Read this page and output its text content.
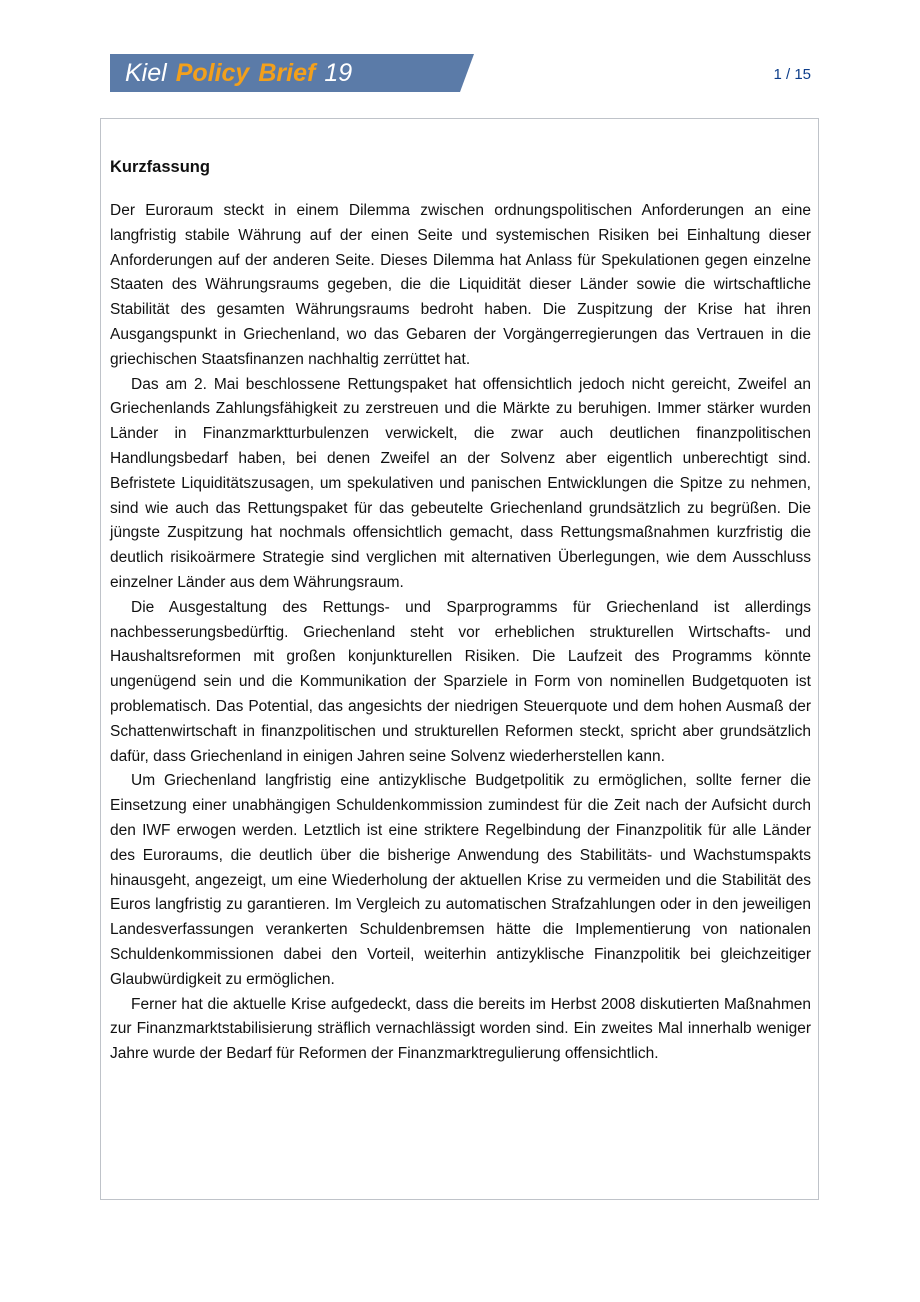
Kiel Policy Brief 19	1 / 15
Kurzfassung

Der Euroraum steckt in einem Dilemma zwischen ordnungspolitischen Anforderungen an eine langfristig stabile Währung auf der einen Seite und systemischen Risiken bei Einhaltung dieser Anforderungen auf der anderen Seite. Dieses Dilemma hat Anlass für Spekulationen gegen einzelne Staaten des Währungsraums gegeben, die die Liquidität dieser Länder sowie die wirtschaftliche Stabilität des gesamten Währungsraums bedroht haben. Die Zuspitzung der Krise hat ihren Ausgangspunkt in Griechenland, wo das Gebaren der Vorgängerregierungen das Vertrauen in die griechischen Staatsfinanzen nachhaltig zerrüttet hat.

Das am 2. Mai beschlossene Rettungspaket hat offensichtlich jedoch nicht gereicht, Zweifel an Griechenlands Zahlungsfähigkeit zu zerstreuen und die Märkte zu beruhigen. Immer stärker wurden Länder in Finanzmarktturbulenzen verwickelt, die zwar auch deutlichen finanzpolitischen Handlungsbedarf haben, bei denen Zweifel an der Solvenz aber eigentlich unberechtigt sind. Befristete Liquiditätszusagen, um spekulativen und panischen Entwicklungen die Spitze zu nehmen, sind wie auch das Rettungspaket für das gebeutelte Griechenland grundsätzlich zu begrüßen. Die jüngste Zuspitzung hat nochmals offensichtlich gemacht, dass Rettungsmaßnahmen kurzfristig die deutlich risikoärmere Strategie sind verglichen mit alternativen Überlegungen, wie dem Ausschluss einzelner Länder aus dem Währungsraum.

Die Ausgestaltung des Rettungs- und Sparprogramms für Griechenland ist allerdings nachbesserungsbedürftig. Griechenland steht vor erheblichen strukturellen Wirtschafts- und Haushaltsreformen mit großen konjunkturellen Risiken. Die Laufzeit des Programms könnte ungenügend sein und die Kommunikation der Sparziele in Form von nominellen Budgetquoten ist problematisch. Das Potential, das angesichts der niedrigen Steuerquote und dem hohen Ausmaß der Schattenwirtschaft in finanzpolitischen und strukturellen Reformen steckt, spricht aber grundsätzlich dafür, dass Griechenland in einigen Jahren seine Solvenz wiederherstellen kann.

Um Griechenland langfristig eine antizyklische Budgetpolitik zu ermöglichen, sollte ferner die Einsetzung einer unabhängigen Schuldenkommission zumindest für die Zeit nach der Aufsicht durch den IWF erwogen werden. Letztlich ist eine striktere Regelbindung der Finanzpolitik für alle Länder des Euroraums, die deutlich über die bisherige Anwendung des Stabilitäts- und Wachstumspakts hinausgeht, angezeigt, um eine Wiederholung der aktuellen Krise zu vermeiden und die Stabilität des Euros langfristig zu garantieren. Im Vergleich zu automatischen Strafzahlungen oder in den jeweiligen Landesverfassungen verankerten Schuldenbremsen hätte die Implementierung von nationalen Schuldenkommissionen dabei den Vorteil, weiterhin antizyklische Finanzpolitik bei gleichzeitiger Glaubwürdigkeit zu ermöglichen.

Ferner hat die aktuelle Krise aufgedeckt, dass die bereits im Herbst 2008 diskutierten Maßnahmen zur Finanzmarktstabilisierung sträflich vernachlässigt worden sind. Ein zweites Mal innerhalb weniger Jahre wurde der Bedarf für Reformen der Finanzmarktregulierung offensichtlich.
